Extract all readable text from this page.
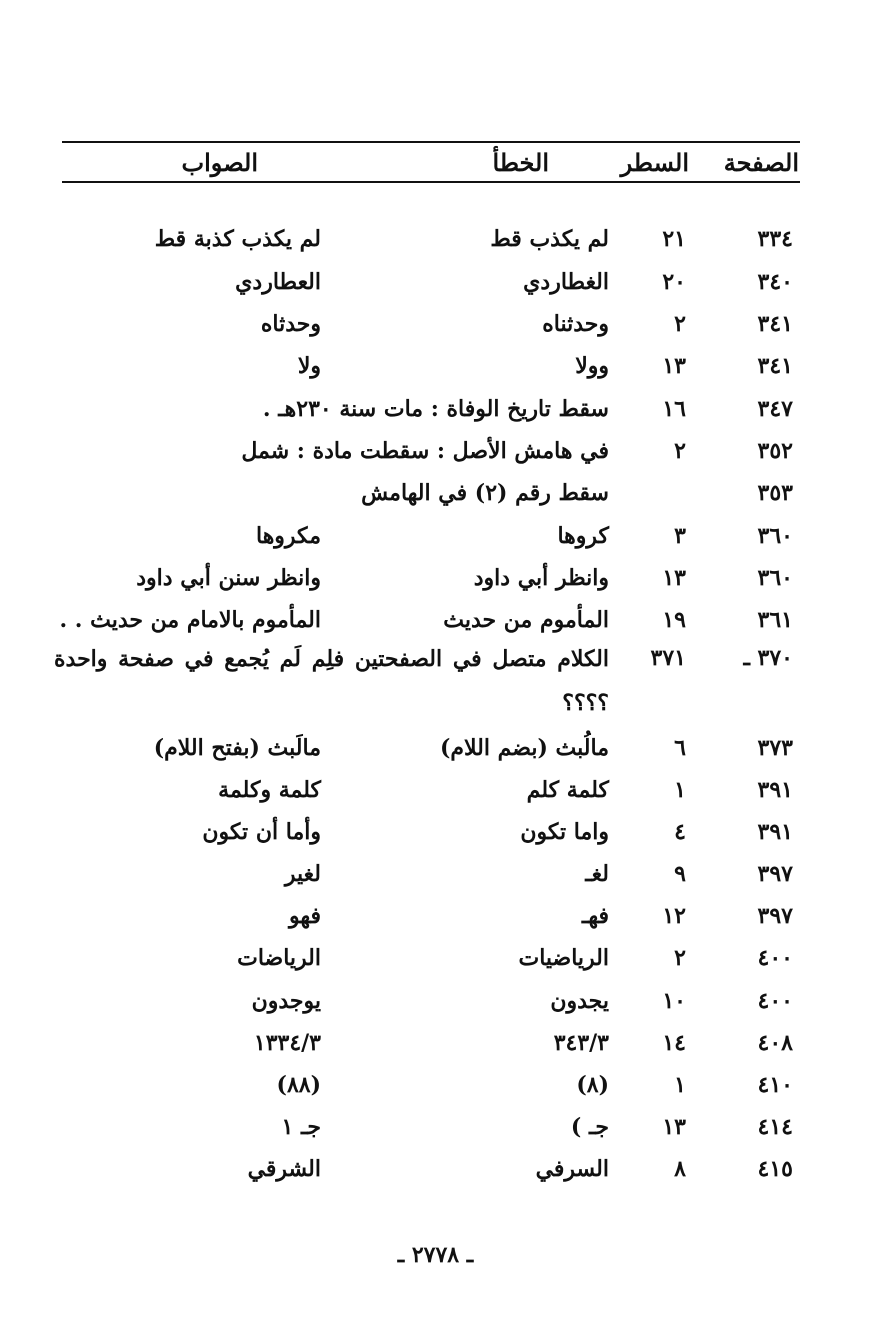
الصفحة
السطر
الخطأ
الصواب
٣٣٤
٢١
لم يكذب قط
لم يكذب كذبة قط
٣٤٠
٢٠
الغطاردي
العطاردي
٣٤١
٢
وحدثناه
وحدثاه
٣٤١
١٣
وولا
ولا
٣٤٧
١٦
سقط تاريخ الوفاة : مات سنة ٢٣٠هـ .
٣٥٢
٢
في هامش الأصل : سقطت مادة : شمل
٣٥٣
سقط رقم (٢) في الهامش
٣٦٠
٣
كروها
مكروها
٣٦٠
١٣
وانظر أبي داود
وانظر سنن أبي داود
٣٦١
١٩
المأموم من حديث
المأموم بالامام من حديث . .
٣٧٠ ـ
٣٧١
الكلام متصل في الصفحتين فلِم لَم يُجمع في صفحة واحدة ؟؟؟؟
٣٧٣
٦
مالُبث (بضم اللام)
مالَبث (بفتح اللام)
٣٩١
١
كلمة كلم
كلمة وكلمة
٣٩١
٤
واما تكون
وأما أن تكون
٣٩٧
٩
لغـ
لغير
٣٩٧
١٢
فهـ
فهو
٤٠٠
٢
الرياضيات
الرياضات
٤٠٠
١٠
يجدون
يوجدون
٤٠٨
١٤
٣٤٣/٣
١٣٣٤/٣
٤١٠
١
(٨)
(٨٨)
٤١٤
١٣
جـ )
جـ ١
٤١٥
٨
السرفي
الشرقي
ـ ٢٧٧٨ ـ
